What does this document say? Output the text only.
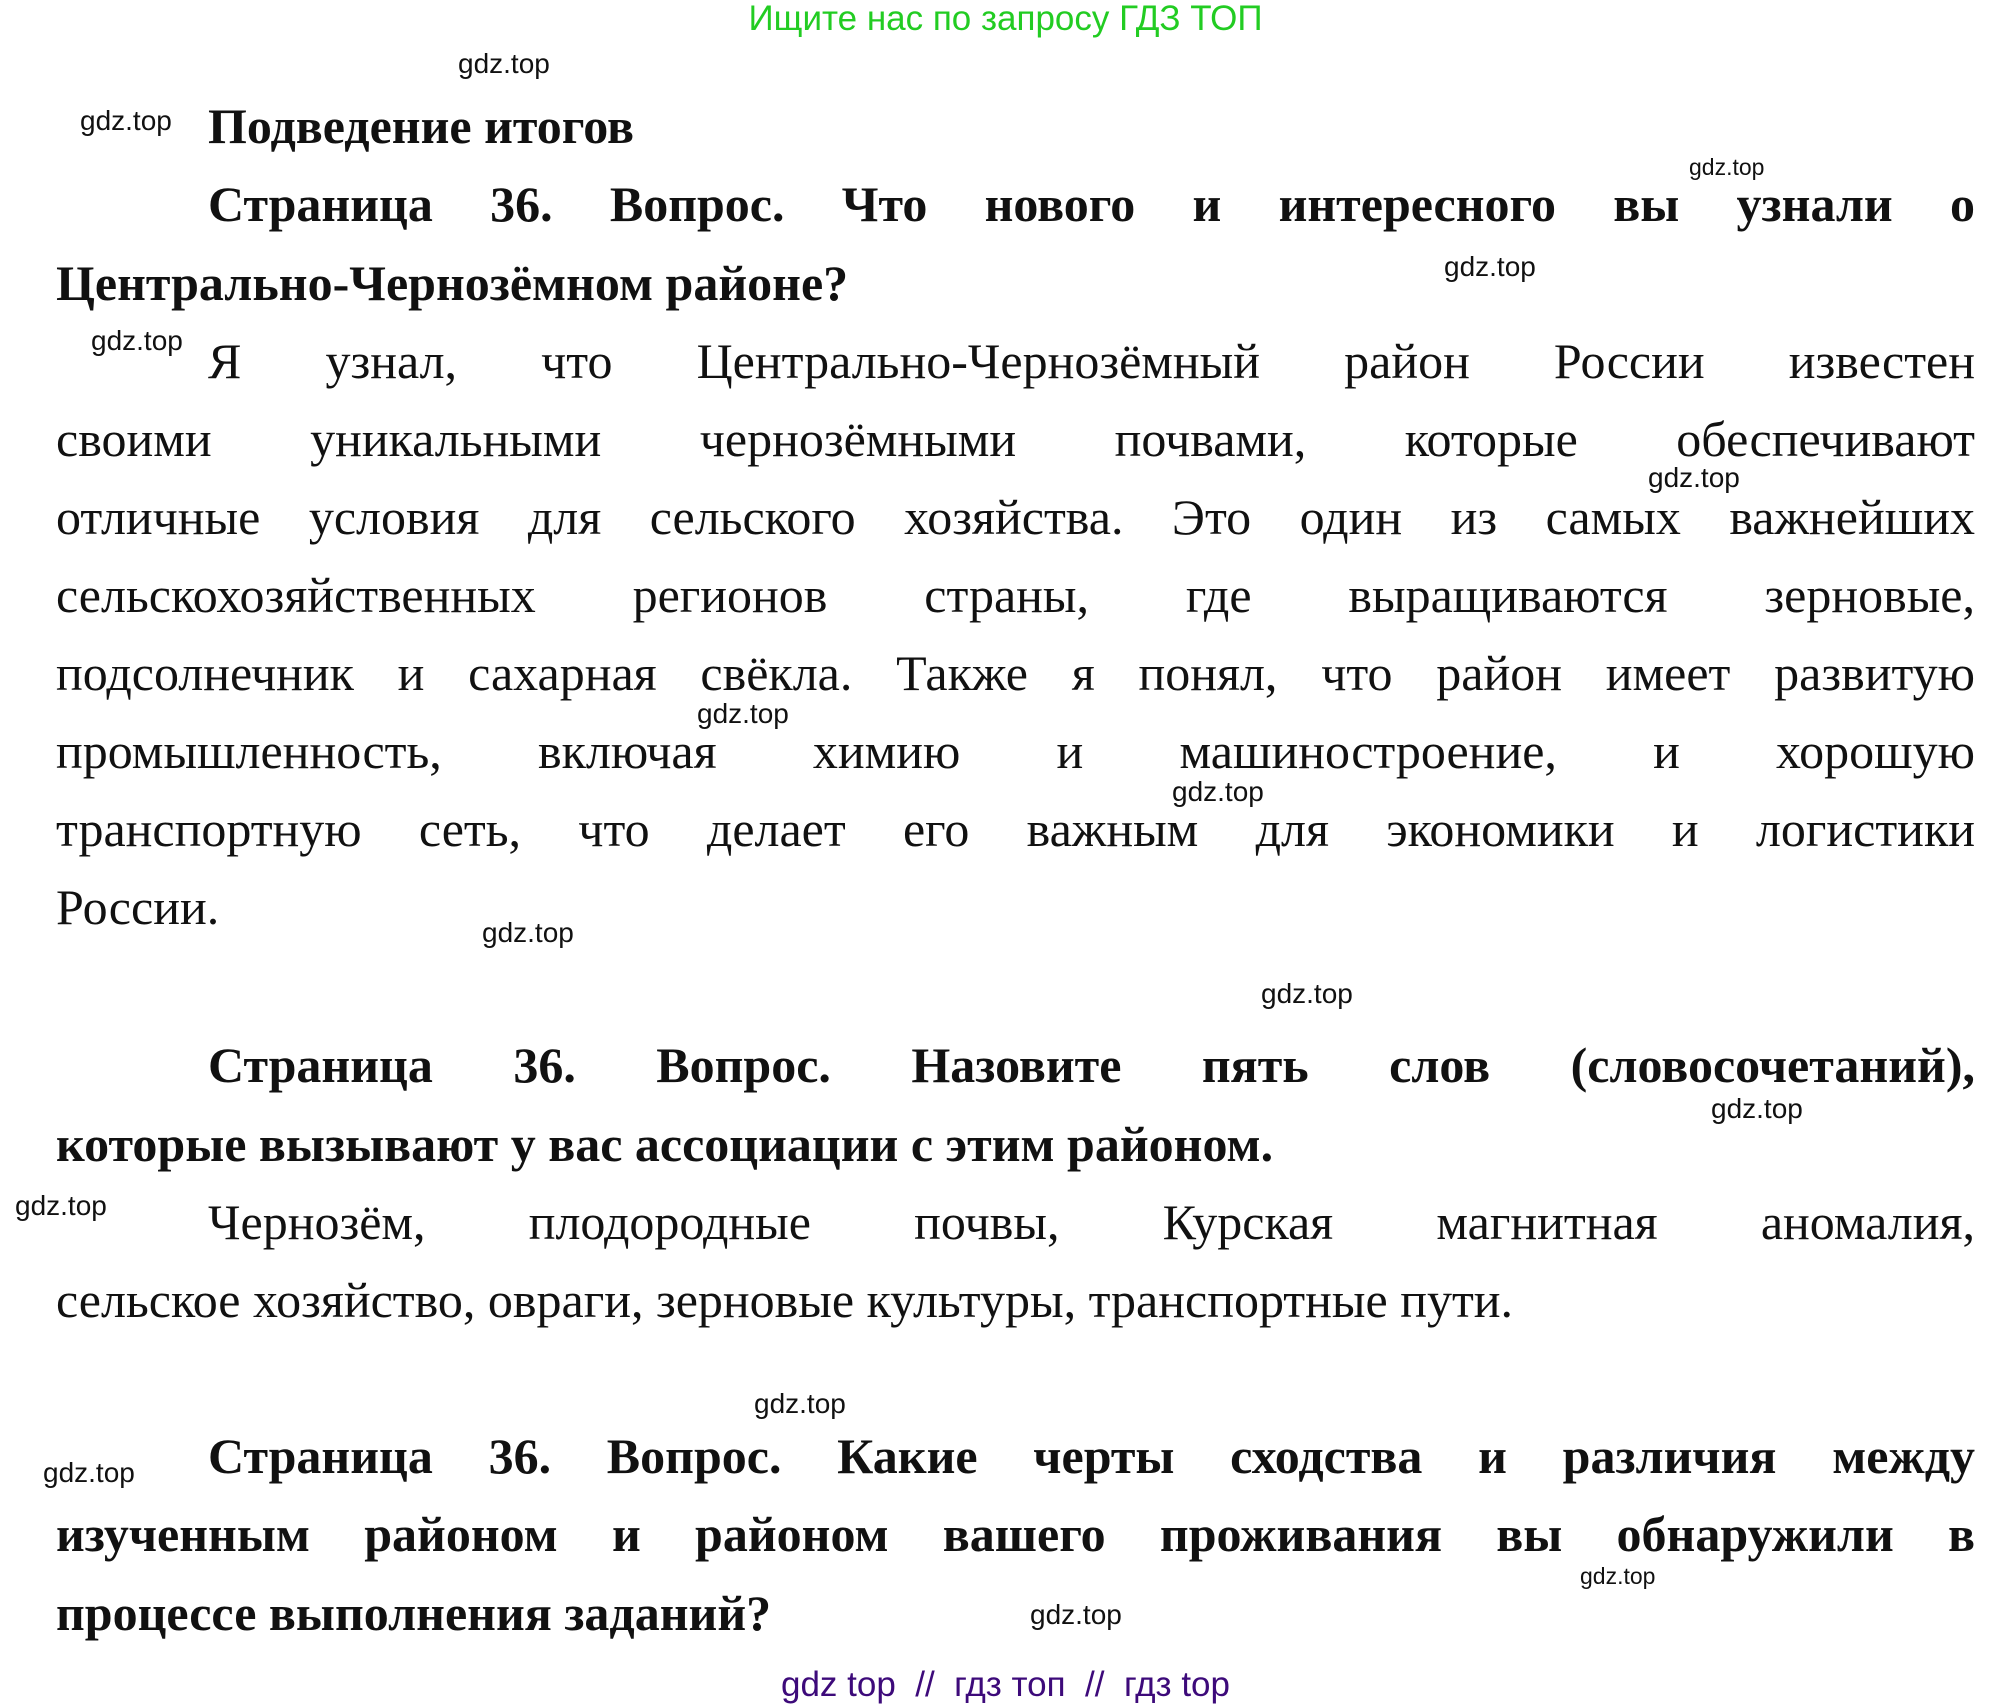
Ищите нас по запросу ГДЗ ТОП
Подведение итогов
Страница 36. Вопрос. Что нового и интересного вы узнали о
Центрально-Чернозёмном районе?
Я узнал, что Центрально-Чернозёмный район России известен
своими уникальными чернозёмными почвами, которые обеспечивают
отличные условия для сельского хозяйства. Это один из самых важнейших
сельскохозяйственных регионов страны, где выращиваются зерновые,
подсолнечник и сахарная свёкла. Также я понял, что район имеет развитую
промышленность, включая химию и машиностроение, и хорошую
транспортную сеть, что делает его важным для экономики и логистики
России.
Страница 36. Вопрос. Назовите пять слов (словосочетаний),
которые вызывают у вас ассоциации с этим районом.
Чернозём, плодородные почвы, Курская магнитная аномалия,
сельское хозяйство, овраги, зерновые культуры, транспортные пути.
Страница 36. Вопрос. Какие черты сходства и различия между
изученным районом и районом вашего проживания вы обнаружили в
процессе выполнения заданий?
gdz.top
gdz.top
gdz.top
gdz.top
gdz.top
gdz.top
gdz.top
gdz.top
gdz.top
gdz.top
gdz.top
gdz.top
gdz.top
gdz.top
gdz.top
gdz.top
gdz top  //  гдз топ  //  гдз top
